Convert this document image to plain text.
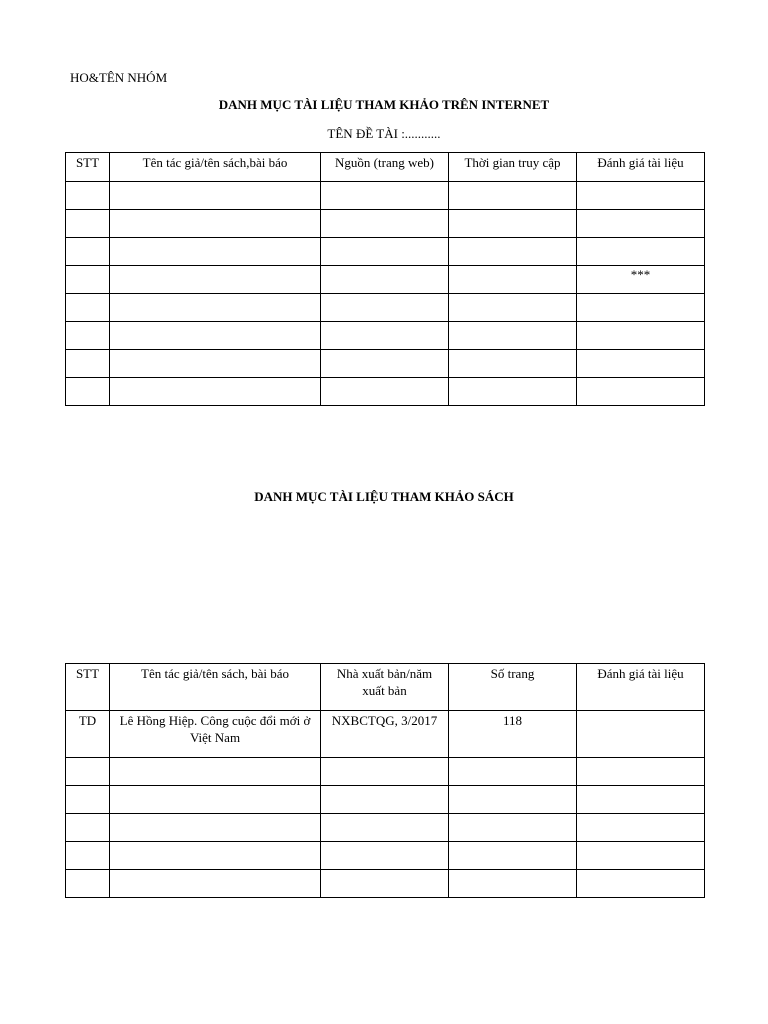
HO&TÊN NHÓM
DANH MỤC TÀI LIỆU THAM KHẢO TRÊN INTERNET
TÊN ĐỀ TÀI :...........
STT	Tên tác giả/tên sách,bài báo	Nguồn (trang web)	Thời gian truy cập	Đánh giá tài liệu

				***

DANH MỤC TÀI LIỆU THAM KHẢO SÁCH
STT	Tên tác giả/tên sách, bài báo	Nhà xuất bản/năm xuất bản	Số trang	Đánh giá tài liệu
TD	Lê Hồng Hiệp. Công cuộc đổi mới ở Việt Nam	NXBCTQG, 3/2017	118	
